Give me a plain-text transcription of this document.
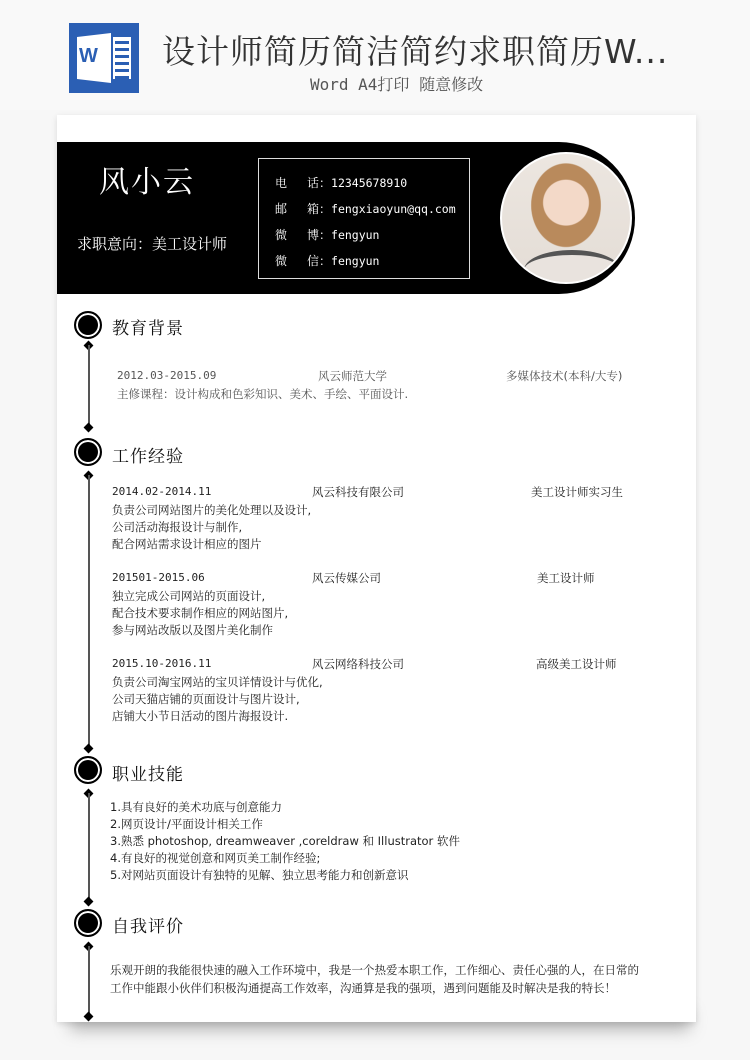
W 设计师简历简洁简约求职简历W...
Word A4打印 随意修改
风小云
求职意向：美工设计师
电 话：12345678910
邮 箱：fengxiaoyun@qq.com
微 博：fengyun
微 信：fengyun
教育背景
2012.03-2015.09	风云师范大学	多媒体技术(本科/大专)
主修课程：设计构成和色彩知识、美术、手绘、平面设计.
工作经验
2014.02-2014.11	风云科技有限公司	美工设计师实习生
负责公司网站图片的美化处理以及设计,
公司活动海报设计与制作,
配合网站需求设计相应的图片
201501-2015.06	风云传媒公司	美工设计师
独立完成公司网站的页面设计,
配合技术要求制作相应的网站图片,
参与网站改版以及图片美化制作
2015.10-2016.11	风云网络科技公司	高级美工设计师
负责公司淘宝网站的宝贝详情设计与优化,
公司天猫店铺的页面设计与图片设计,
店铺大小节日活动的图片海报设计.
职业技能
1.具有良好的美术功底与创意能力
2.网页设计/平面设计相关工作
3.熟悉 photoshop, dreamweaver ,coreldraw 和 Illustrator 软件
4.有良好的视觉创意和网页美工制作经验;
5.对网站页面设计有独特的见解、独立思考能力和创新意识
自我评价
乐观开朗的我能很快速的融入工作环境中，我是一个热爱本职工作，工作细心、责任心强的人，在日常的
工作中能跟小伙伴们积极沟通提高工作效率，沟通算是我的强项，遇到问题能及时解决是我的特长！
